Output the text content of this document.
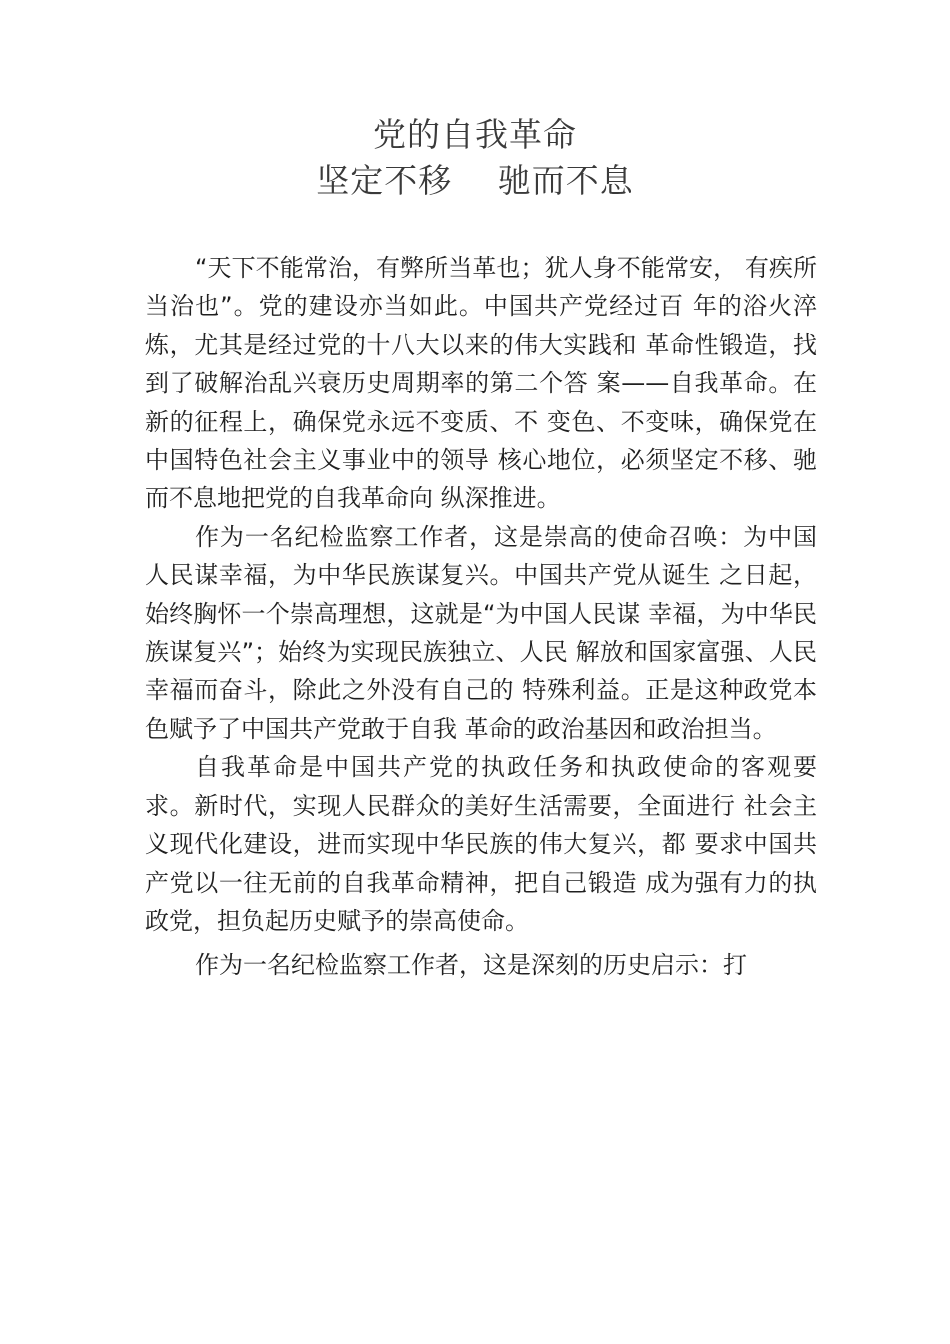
党的自我革命
坚定不移　 驰而不息

“天下不能常治，有弊所当革也；犹人身不能常安， 有疾所当治也”。党的建设亦当如此。中国共产党经过百 年的浴火淬炼，尤其是经过党的十八大以来的伟大实践和 革命性锻造，找到了破解治乱兴衰历史周期率的第二个答 案——自我革命。在新的征程上，确保党永远不变质、不 变色、不变味，确保党在中国特色社会主义事业中的领导 核心地位，必须坚定不移、驰而不息地把党的自我革命向 纵深推进。

作为一名纪检监察工作者，这是崇高的使命召唤：为中国人民谋幸福，为中华民族谋复兴。中国共产党从诞生 之日起，始终胸怀一个崇高理想，这就是“为中国人民谋 幸福，为中华民族谋复兴”；始终为实现民族独立、人民 解放和国家富强、人民幸福而奋斗，除此之外没有自己的 特殊利益。正是这种政党本色赋予了中国共产党敢于自我 革命的政治基因和政治担当。

自我革命是中国共产党的执政任务和执政使命的客观要求。新时代，实现人民群众的美好生活需要，全面进行 社会主义现代化建设，进而实现中华民族的伟大复兴，都 要求中国共产党以一往无前的自我革命精神，把自己锻造 成为强有力的执政党，担负起历史赋予的崇高使命。

作为一名纪检监察工作者，这是深刻的历史启示：打
